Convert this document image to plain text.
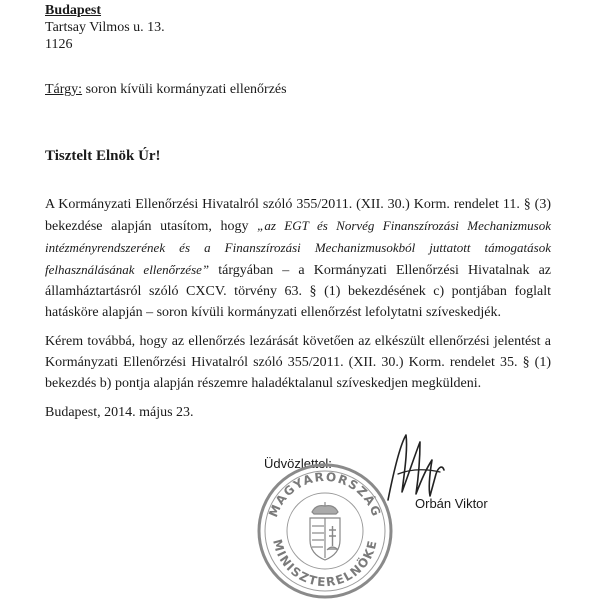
Budapest
Tartsay Vilmos u. 13.
1126
Tárgy: soron kívüli kormányzati ellenőrzés
Tisztelt Elnök Úr!
A Kormányzati Ellenőrzési Hivatalról szóló 355/2011. (XII. 30.) Korm. rendelet 11. § (3) bekezdése alapján utasítom, hogy „az EGT és Norvég Finanszírozási Mechanizmusok intézményrendszerének és a Finanszírozási Mechanizmusokból juttatott támogatások felhasználásának ellenőrzése” tárgyában – a Kormányzati Ellenőrzési Hivatalnak az államháztartásról szóló CXCV. törvény 63. § (1) bekezdésének c) pontjában foglalt hatásköre alapján – soron kívüli kormányzati ellenőrzést lefolytatni szíveskedjék.
Kérem továbbá, hogy az ellenőrzés lezárását követően az elkészült ellenőrzési jelentést a Kormányzati Ellenőrzési Hivatalról szóló 355/2011. (XII. 30.) Korm. rendelet 35. § (1) bekezdés b) pontja alapján részemre haladéktalanul szíveskedjen megküldeni.
Budapest, 2014. május 23.
Üdvözlettel:
MAGYARORSZÁG
MINISZTERELNÖKE
Orbán Viktor
